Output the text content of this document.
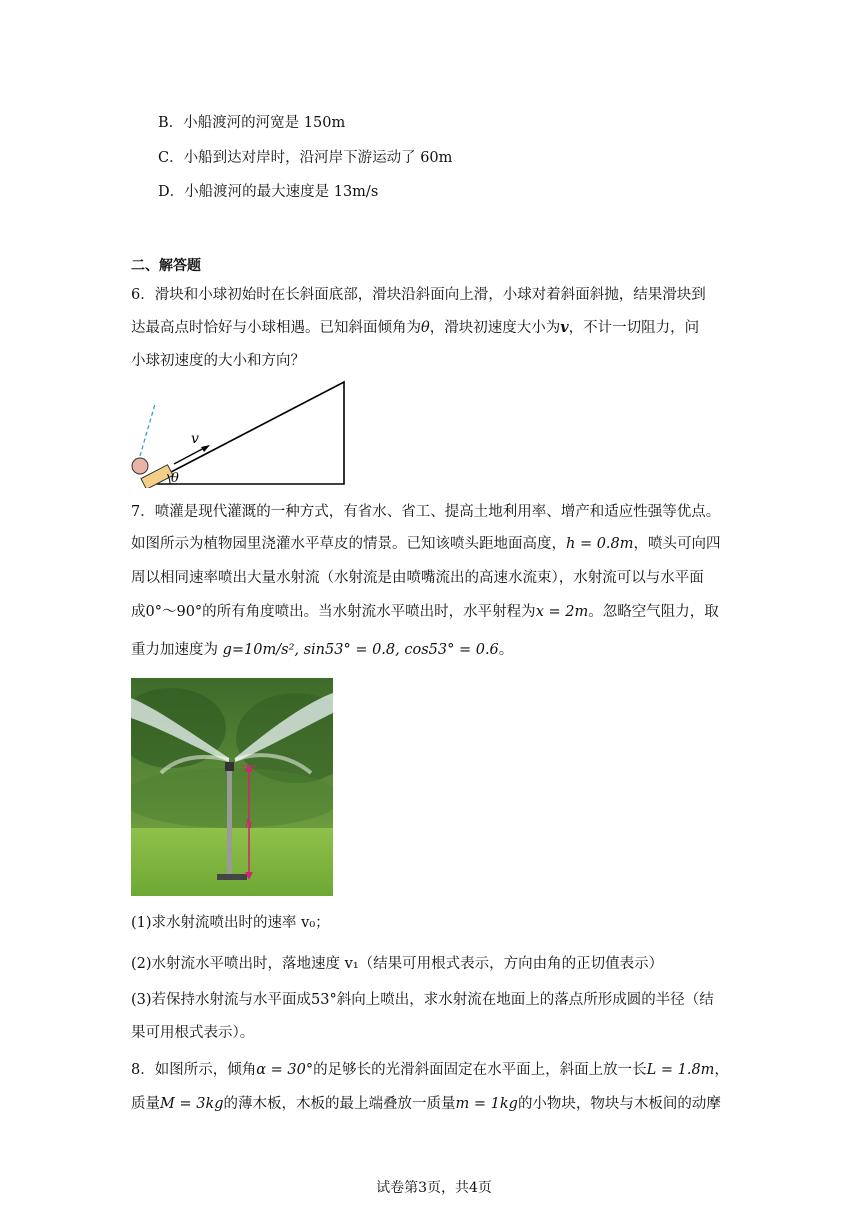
B．小船渡河的河宽是 150m
C．小船到达对岸时，沿河岸下游运动了 60m
D．小船渡河的最大速度是 13m/s
二、解答题
6．滑块和小球初始时在长斜面底部，滑块沿斜面向上滑，小球对着斜面斜抛，结果滑块到
达最高点时恰好与小球相遇。已知斜面倾角为θ，滑块初速度大小为v，不计一切阻力，问
小球初速度的大小和方向？
v
θ
7．喷灌是现代灌溉的一种方式，有省水、省工、提高土地利用率、增产和适应性强等优点。
如图所示为植物园里浇灌水平草皮的情景。已知该喷头距地面高度，h = 0.8m，喷头可向四
周以相同速率喷出大量水射流（水射流是由喷嘴流出的高速水流束），水射流可以与水平面
成0°～90°的所有角度喷出。当水射流水平喷出时，水平射程为x = 2m。忽略空气阻力，取
重力加速度为 g=10m/s², sin53° = 0.8, cos53° = 0.6。
h
(1)求水射流喷出时的速率 v₀；
(2)水射流水平喷出时，落地速度 v₁（结果可用根式表示，方向由角的正切值表示）
(3)若保持水射流与水平面成53°斜向上喷出，求水射流在地面上的落点所形成圆的半径（结
果可用根式表示）。
8．如图所示，倾角α = 30°的足够长的光滑斜面固定在水平面上，斜面上放一长L = 1.8m，
质量M = 3kg的薄木板，木板的最上端叠放一质量m = 1kg的小物块，物块与木板间的动摩
试卷第3页，共4页
